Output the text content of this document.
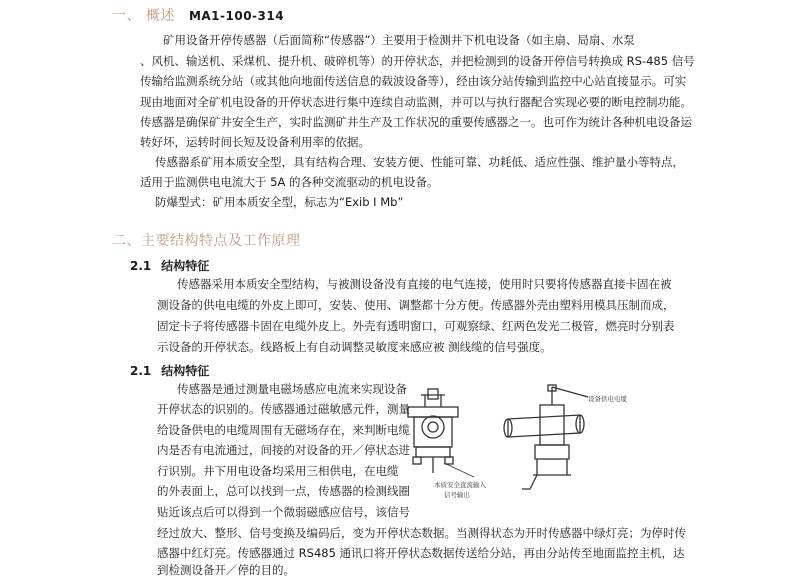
一、 概述 MA1-100-314
矿用设备开停传感器（后面简称“传感器”）主要用于检测井下机电设备（如主扇、局扇、水泵
、风机、输送机、采煤机、提升机、破碎机等）的开停状态，并把检测到的设备开停信号转换成 RS-485 信号
传输给监测系统分站（或其他向地面传送信息的载波设备等），经由该分站传输到监控中心站直接显示。可实
现由地面对全矿机电设备的开停状态进行集中连续自动监测，并可以与执行器配合实现必要的断电控制功能。
传感器是确保矿井安全生产，实时监测矿井生产及工作状况的重要传感器之一。也可作为统计各种机电设备运
转好坏，运转时间长短及设备利用率的依据。
传感器系矿用本质安全型，具有结构合理、安装方便、性能可靠、功耗低、适应性强、维护量小等特点，
适用于监测供电电流大于 5A 的各种交流驱动的机电设备。
防爆型式：矿用本质安全型，标志为“Exib I Mb”
二、主要结构特点及工作原理
2.1 结构特征
传感器采用本质安全型结构，与被测设备没有直接的电气连接，使用时只要将传感器直接卡固在被
测设备的供电电缆的外皮上即可，安装、使用、调整都十分方便。传感器外壳由塑料用模具压制而成，
固定卡子将传感器卡固在电缆外皮上。外壳有透明窗口，可观察绿、红两色发光二极管，燃亮时分别表
示设备的开停状态。线路板上有自动调整灵敏度来感应被 测线缆的信号强度。
2.1 结构特征
传感器是通过测量电磁场感应电流来实现设备
开停状态的识别的。传感器通过磁敏感元件，测量
给设备供电的电缆周围有无磁场存在，来判断电缆
内是否有电流通过，间接的对设备的开／停状态进
行识别。井下用电设备均采用三相供电，在电缆
的外表面上，总可以找到一点，传感器的检测线圈
贴近该点后可以得到一个微弱磁感应信号，该信号
经过放大、整形、信号变换及编码后，变为开停状态数据。当测得状态为开时传感器中绿灯亮；为停时传
感器中红灯亮。传感器通过 RS485 通讯口将开停状态数据传送给分站，再由分站传至地面监控主机，达
到检测设备开／停的目的。
设备供电电缆
本质安全直流输入
信号输出
